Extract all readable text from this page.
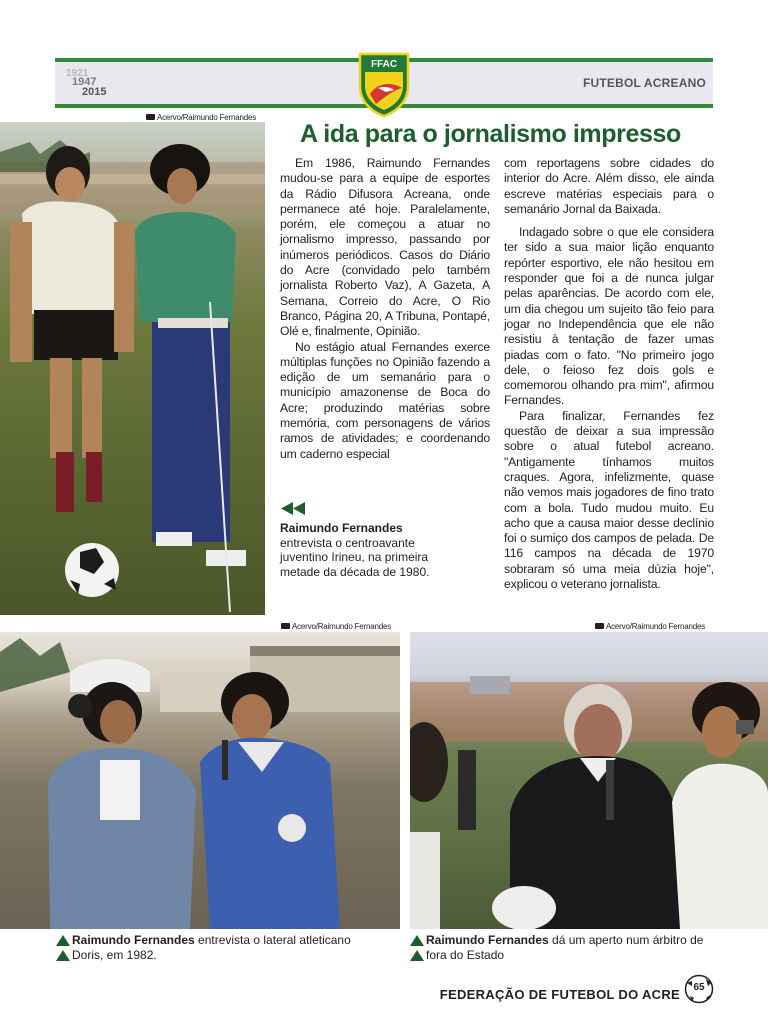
1921
1947
2015
FFAC
FUTEBOL ACREANO
Acervo/Raimundo Fernandes
A ida para o jornalismo impresso

Em 1986, Raimundo Fernandes mudou-se para a equipe de esportes da Rádio Difusora Acreana, onde permanece até hoje. Paralelamente, porém, ele começou a atuar no jornalismo impresso, passando por inúmeros periódicos. Casos do Diário do Acre (convidado pelo também jornalista Roberto Vaz), A Gazeta, A Semana, Correio do Acre, O Rio Branco, Página 20, A Tribuna, Pontapé, Olé e, finalmente, Opinião.

No estágio atual Fernandes exerce múltiplas funções no Opinião fazendo a edição de um semanário para o município amazonense de Boca do Acre; produzindo matérias sobre memória, com personagens de vários ramos de atividades; e coordenando um caderno especial

com reportagens sobre cidades do interior do Acre. Além disso, ele ainda escreve matérias especiais para o semanário Jornal da Baixada.

Indagado sobre o que ele considera ter sido a sua maior lição enquanto repórter esportivo, ele não hesitou em responder que foi a de nunca julgar pelas aparências. De acordo com ele, um dia chegou um sujeito tão feio para jogar no Independência que ele não resistiu à tentação de fazer umas piadas com o fato. "No primeiro jogo dele, o feioso fez dois gols e comemorou olhando pra mim", afirmou Fernandes.

Para finalizar, Fernandes fez questão de deixar a sua impressão sobre o atual futebol acreano. "Antigamente tínhamos muitos craques. Agora, infelizmente, quase não vemos mais jogadores de fino trato com a bola. Tudo mudou muito. Eu acho que a causa maior desse declínio foi o sumiço dos campos de pelada. De 116 campos na década de 1970 sobraram só uma meia dúzia hoje", explicou o veterano jornalista.

Raimundo Fernandes
entrevista o centroavante
juventino Irineu, na primeira
metade da década de 1980.
Acervo/Raimundo Fernandes	Acervo/Raimundo Fernandes
Raimundo Fernandes entrevista o lateral atleticano
Doris, em 1982.
Raimundo Fernandes dá um aperto num árbitro de
fora do Estado
FEDERAÇÃO DE FUTEBOL DO ACRE	65
